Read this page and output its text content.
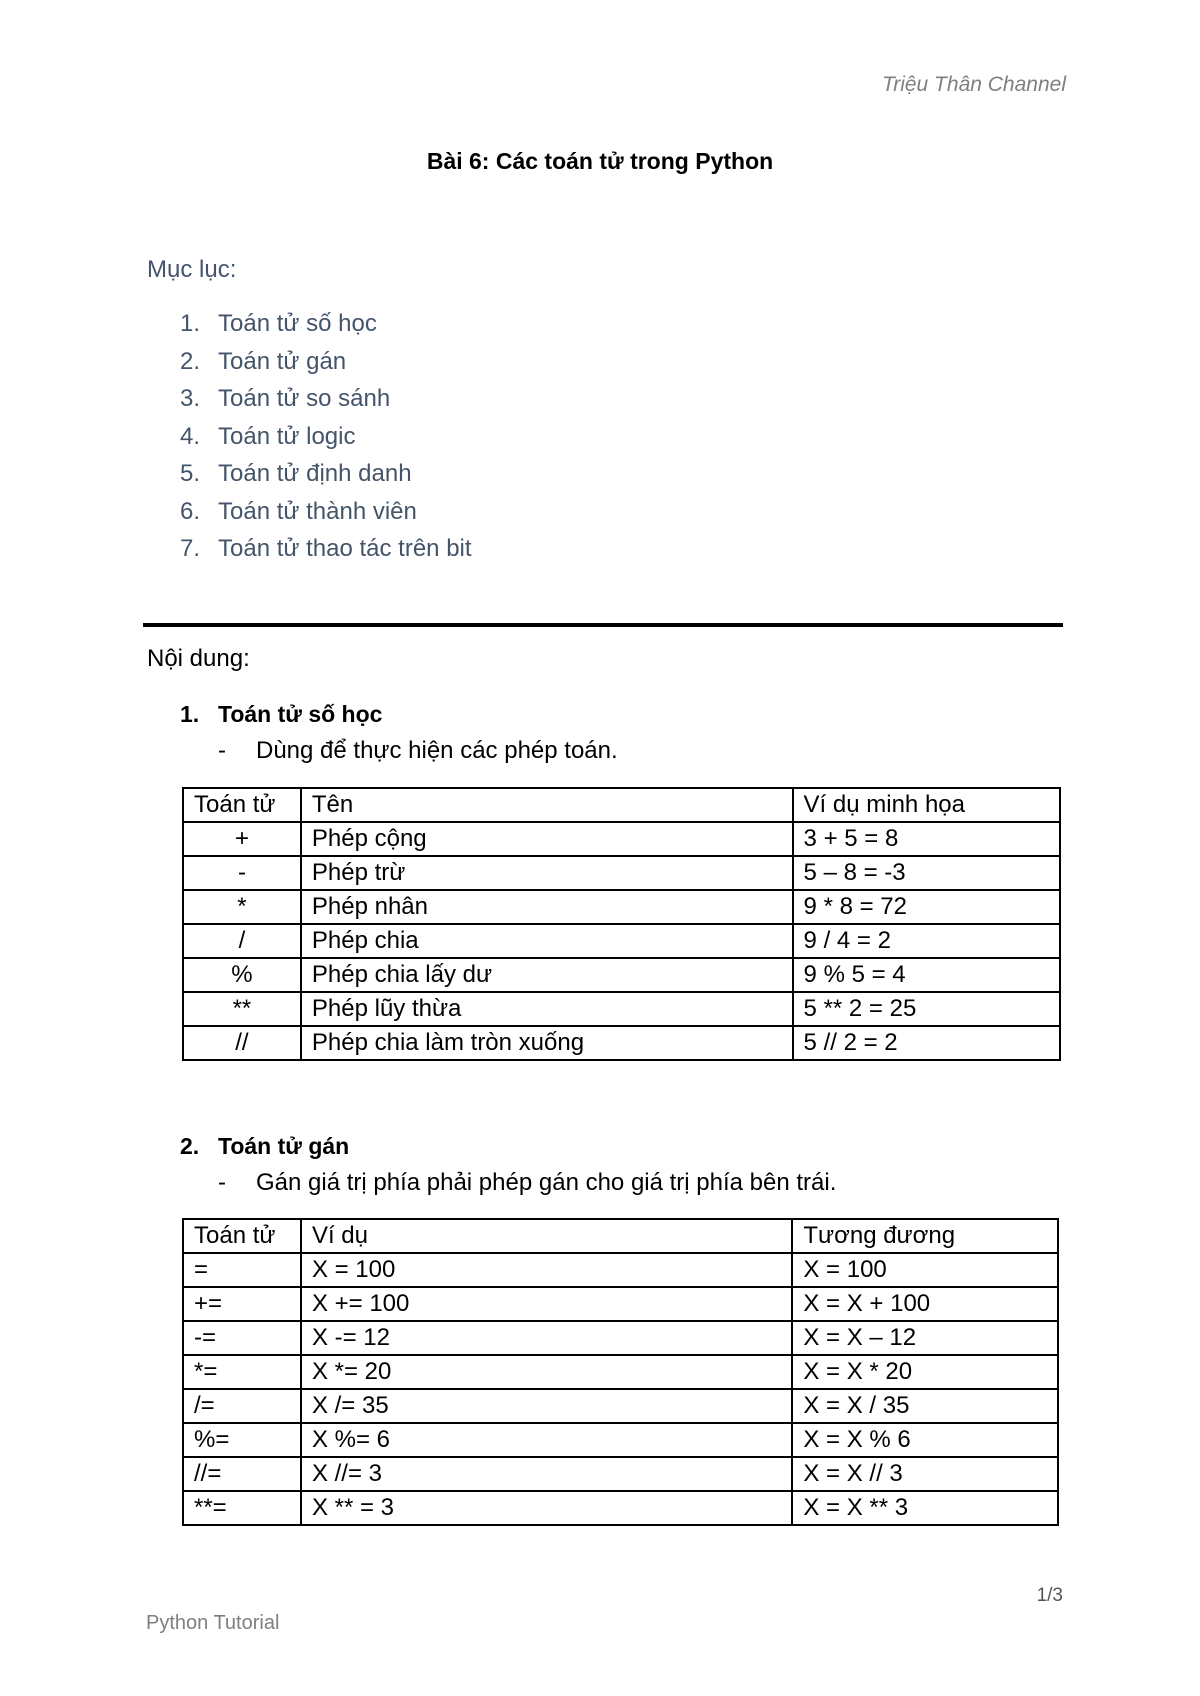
Triệu Thân Channel
Bài 6: Các toán tử trong Python
Mục lục:
1. Toán tử số học
2. Toán tử gán
3. Toán tử so sánh
4. Toán tử logic
5. Toán tử định danh
6. Toán tử thành viên
7. Toán tử thao tác trên bit
Nội dung:
1. Toán tử số học
- Dùng để thực hiện các phép toán.
Toán tử	Tên	Ví dụ minh họa
+	Phép cộng	3 + 5 = 8
-	Phép trừ	5 – 8 = -3
*	Phép nhân	9 * 8 = 72
/	Phép chia	9 / 4 = 2
%	Phép chia lấy dư	9 % 5 = 4
**	Phép lũy thừa	5 ** 2 = 25
//	Phép chia làm tròn xuống	5 // 2 = 2
2. Toán tử gán
- Gán giá trị phía phải phép gán cho giá trị phía bên trái.
Toán tử	Ví dụ	Tương đương
=	X = 100	X = 100
+=	X += 100	X = X + 100
-=	X -= 12	X = X – 12
*=	X *= 20	X = X * 20
/=	X /= 35	X = X / 35
%=	X %= 6	X = X % 6
//=	X //= 3	X = X // 3
**=	X ** = 3	X = X ** 3
1/3
Python Tutorial
